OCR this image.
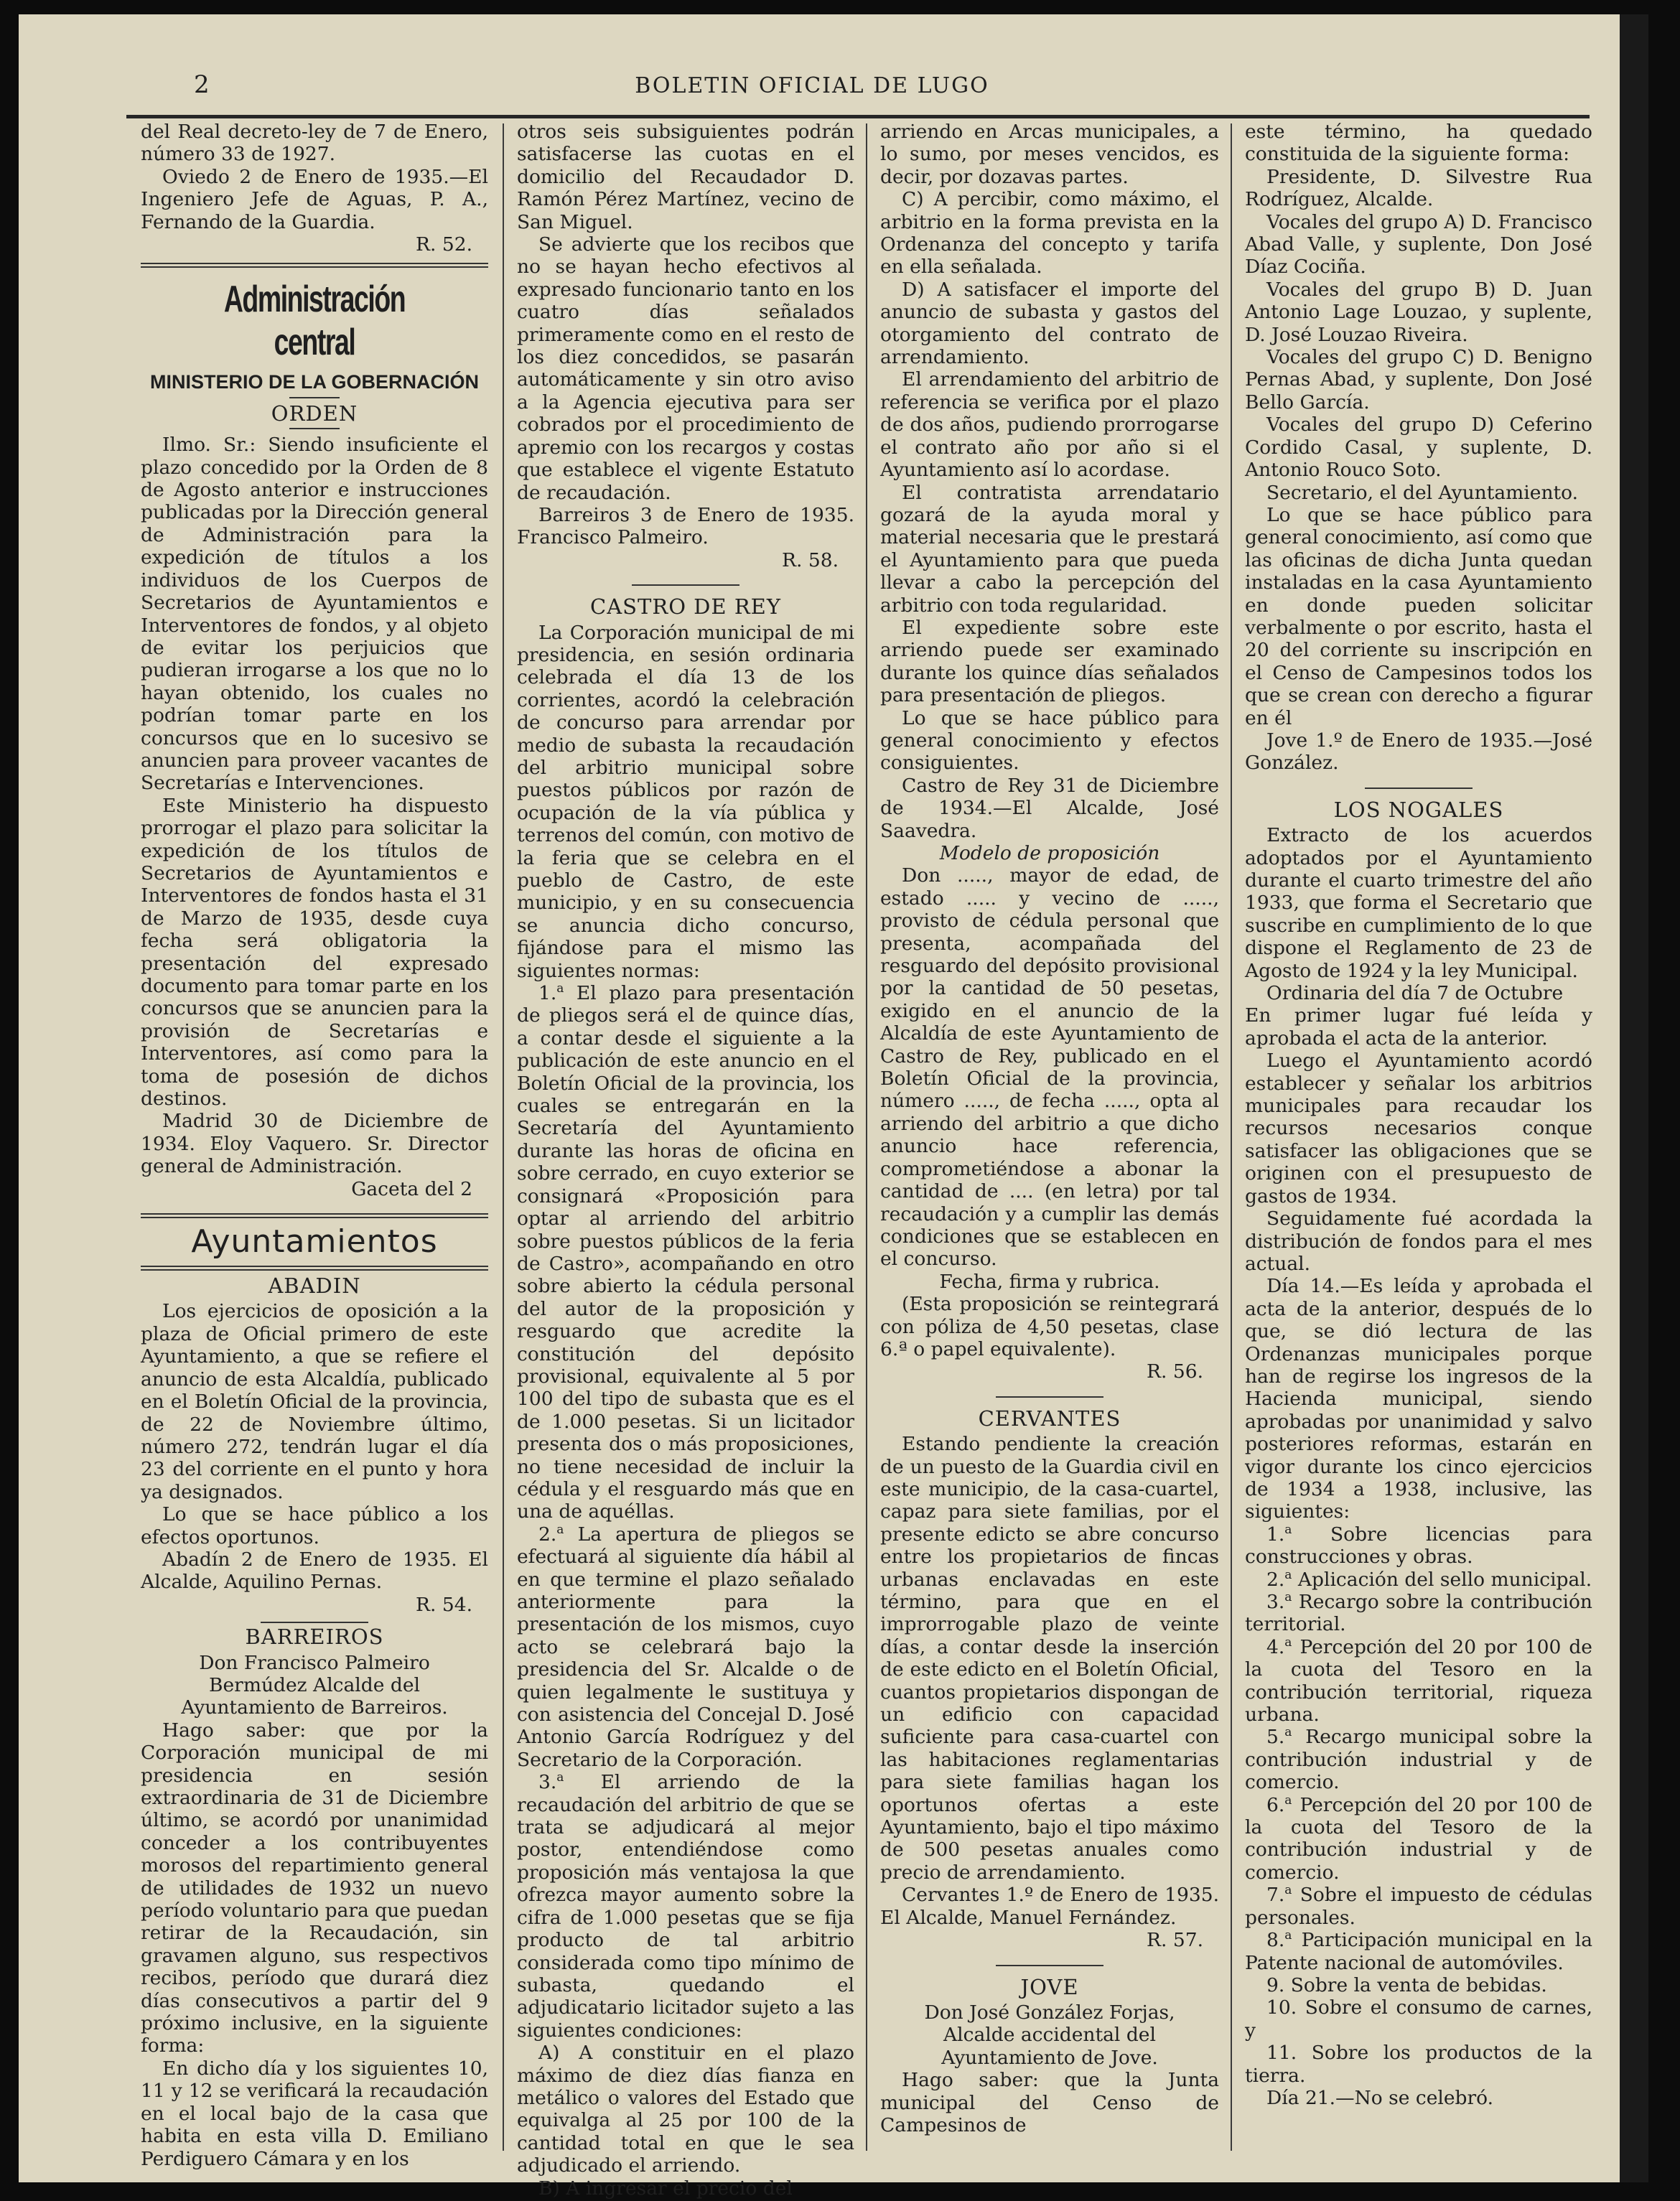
2	BOLETIN OFICIAL DE LUGO

del Real decreto-ley de 7 de Enero, número 33 de 1927.

Oviedo 2 de Enero de 1935.—El Ingeniero Jefe de Aguas, P. A., Fernando de la Guardia.

R. 52.

Administración central
MINISTERIO DE LA GOBERNACIÓN
ORDEN

Ilmo. Sr.: Siendo insuficiente el plazo concedido por la Orden de 8 de Agosto anterior e instrucciones publicadas por la Dirección general de Administración para la expedición de títulos a los individuos de los Cuerpos de Secretarios de Ayuntamientos e Interventores de fondos, y al objeto de evitar los perjuicios que pudieran irrogarse a los que no lo hayan obtenido, los cuales no podrían tomar parte en los concursos que en lo sucesivo se anuncien para proveer vacantes de Secretarías e Intervenciones.

Este Ministerio ha dispuesto prorrogar el plazo para solicitar la expedición de los títulos de Secretarios de Ayuntamientos e Interventores de fondos hasta el 31 de Marzo de 1935, desde cuya fecha será obligatoria la presentación del expresado documento para tomar parte en los concursos que se anuncien para la provisión de Secretarías e Interventores, así como para la toma de posesión de dichos destinos.

Madrid 30 de Diciembre de 1934. Eloy Vaquero. Sr. Director general de Administración.

Gaceta del 2

Ayuntamientos
ABADIN

Los ejercicios de oposición a la plaza de Oficial primero de este Ayuntamiento, a que se refiere el anuncio de esta Alcaldía, publicado en el Boletín Oficial de la provincia, de 22 de Noviembre último, número 272, tendrán lugar el día 23 del corriente en el punto y hora ya designados.

Lo que se hace público a los efectos oportunos.

Abadín 2 de Enero de 1935. El Alcalde, Aquilino Pernas.

R. 54.

BARREIROS

Don Francisco Palmeiro Bermúdez Alcalde del Ayuntamiento de Barreiros.

Hago saber: que por la Corporación municipal de mi presidencia en sesión extraordinaria de 31 de Diciembre último, se acordó por unanimidad conceder a los contribuyentes morosos del repartimiento general de utilidades de 1932 un nuevo período voluntario para que puedan retirar de la Recaudación, sin gravamen alguno, sus respectivos recibos, período que durará diez días consecutivos a partir del 9 próximo inclusive, en la siguiente forma:

En dicho día y los siguientes 10, 11 y 12 se verificará la recaudación en el local bajo de la casa que habita en esta villa D. Emiliano Perdiguero Cámara y en los

otros seis subsiguientes podrán satisfacerse las cuotas en el domicilio del Recaudador D. Ramón Pérez Martínez, vecino de San Miguel.

Se advierte que los recibos que no se hayan hecho efectivos al expresado funcionario tanto en los cuatro días señalados primeramente como en el resto de los diez concedidos, se pasarán automáticamente y sin otro aviso a la Agencia ejecutiva para ser cobrados por el procedimiento de apremio con los recargos y costas que establece el vigente Estatuto de recaudación.

Barreiros 3 de Enero de 1935. Francisco Palmeiro.

R. 58.

CASTRO DE REY

La Corporación municipal de mi presidencia, en sesión ordinaria celebrada el día 13 de los corrientes, acordó la celebración de concurso para arrendar por medio de subasta la recaudación del arbitrio municipal sobre puestos públicos por razón de ocupación de la vía pública y terrenos del común, con motivo de la feria que se celebra en el pueblo de Castro, de este municipio, y en su consecuencia se anuncia dicho concurso, fijándose para el mismo las siguientes normas:

1.$^a$ El plazo para presentación de pliegos será el de quince días, a contar desde el siguiente a la publicación de este anuncio en el Boletín Oficial de la provincia, los cuales se entregarán en la Secretaría del Ayuntamiento durante las horas de oficina en sobre cerrado, en cuyo exterior se consignará «Proposición para optar al arriendo del arbitrio sobre puestos públicos de la feria de Castro», acompañando en otro sobre abierto la cédula personal del autor de la proposición y resguardo que acredite la constitución del depósito provisional, equivalente al 5 por 100 del tipo de subasta que es el de 1.000 pesetas. Si un licitador presenta dos o más proposiciones, no tiene necesidad de incluir la cédula y el resguardo más que en una de aquéllas.

2.$^a$ La apertura de pliegos se efectuará al siguiente día hábil al en que termine el plazo señalado anteriormente para la presentación de los mismos, cuyo acto se celebrará bajo la presidencia del Sr. Alcalde o de quien legalmente le sustituya y con asistencia del Concejal D. José Antonio García Rodríguez y del Secretario de la Corporación.

3.$^a$ El arriendo de la recaudación del arbitrio de que se trata se adjudicará al mejor postor, entendiéndose como proposición más ventajosa la que ofrezca mayor aumento sobre la cifra de 1.000 pesetas que se fija producto de tal arbitrio considerada como tipo mínimo de subasta, quedando el adjudicatario licitador sujeto a las siguientes condiciones:

A) A constituir en el plazo máximo de diez días fianza en metálico o valores del Estado que equivalga al 25 por 100 de la cantidad total en que le sea adjudicado el arriendo.

B) A ingresar el precio del

arriendo en Arcas municipales, a lo sumo, por meses vencidos, es decir, por dozavas partes.

C) A percibir, como máximo, el arbitrio en la forma prevista en la Ordenanza del concepto y tarifa en ella señalada.

D) A satisfacer el importe del anuncio de subasta y gastos del otorgamiento del contrato de arrendamiento.

El arrendamiento del arbitrio de referencia se verifica por el plazo de dos años, pudiendo prorrogarse el contrato año por año si el Ayuntamiento así lo acordase.

El contratista arrendatario gozará de la ayuda moral y material necesaria que le prestará el Ayuntamiento para que pueda llevar a cabo la percepción del arbitrio con toda regularidad.

El expediente sobre este arriendo puede ser examinado durante los quince días señalados para presentación de pliegos.

Lo que se hace público para general conocimiento y efectos consiguientes.

Castro de Rey 31 de Diciembre de 1934.—El Alcalde, José Saavedra.

Modelo de proposición

Don ....., mayor de edad, de estado ..... y vecino de ....., provisto de cédula personal que presenta, acompañada del resguardo del depósito provisional por la cantidad de 50 pesetas, exigido en el anuncio de la Alcaldía de este Ayuntamiento de Castro de Rey, publicado en el Boletín Oficial de la provincia, número ....., de fecha ....., opta al arriendo del arbitrio a que dicho anuncio hace referencia, comprometiéndose a abonar la cantidad de .... (en letra) por tal recaudación y a cumplir las demás condiciones que se establecen en el concurso.

Fecha, firma y rubrica.

(Esta proposición se reintegrará con póliza de 4,50 pesetas, clase 6.ª o papel equivalente).

R. 56.

CERVANTES

Estando pendiente la creación de un puesto de la Guardia civil en este municipio, de la casa-cuartel, capaz para siete familias, por el presente edicto se abre concurso entre los propietarios de fincas urbanas enclavadas en este término, para que en el improrrogable plazo de veinte días, a contar desde la inserción de este edicto en el Boletín Oficial, cuantos propietarios dispongan de un edificio con capacidad suficiente para casa-cuartel con las habitaciones reglamentarias para siete familias hagan los oportunos ofertas a este Ayuntamiento, bajo el tipo máximo de 500 pesetas anuales como precio de arrendamiento.

Cervantes 1.º de Enero de 1935. El Alcalde, Manuel Fernández.

R. 57.

JOVE

Don José González Forjas, Alcalde accidental del Ayuntamiento de Jove.

Hago saber: que la Junta municipal del Censo de Campesinos de

este término, ha quedado constituida de la siguiente forma:

Presidente, D. Silvestre Rua Rodríguez, Alcalde.

Vocales del grupo A) D. Francisco Abad Valle, y suplente, Don José Díaz Cociña.

Vocales del grupo B) D. Juan Antonio Lage Louzao, y suplente, D. José Louzao Riveira.

Vocales del grupo C) D. Benigno Pernas Abad, y suplente, Don José Bello García.

Vocales del grupo D) Ceferino Cordido Casal, y suplente, D. Antonio Rouco Soto.

Secretario, el del Ayuntamiento.

Lo que se hace público para general conocimiento, así como que las oficinas de dicha Junta quedan instaladas en la casa Ayuntamiento en donde pueden solicitar verbalmente o por escrito, hasta el 20 del corriente su inscripción en el Censo de Campesinos todos los que se crean con derecho a figurar en él

Jove 1.º de Enero de 1935.—José González.

LOS NOGALES

Extracto de los acuerdos adoptados por el Ayuntamiento durante el cuarto trimestre del año 1933, que forma el Secretario que suscribe en cumplimiento de lo que dispone el Reglamento de 23 de Agosto de 1924 y la ley Municipal.

Ordinaria del día 7 de Octubre

En primer lugar fué leída y aprobada el acta de la anterior.

Luego el Ayuntamiento acordó establecer y señalar los arbitrios municipales para recaudar los recursos necesarios conque satisfacer las obligaciones que se originen con el presupuesto de gastos de 1934.

Seguidamente fué acordada la distribución de fondos para el mes actual.

Día 14.—Es leída y aprobada el acta de la anterior, después de lo que, se dió lectura de las Ordenanzas municipales porque han de regirse los ingresos de la Hacienda municipal, siendo aprobadas por unanimidad y salvo posteriores reformas, estarán en vigor durante los cinco ejercicios de 1934 a 1938, inclusive, las siguientes:

1.$^a$ Sobre licencias para construcciones y obras.

2.$^a$ Aplicación del sello municipal.

3.$^a$ Recargo sobre la contribución territorial.

4.$^a$ Percepción del 20 por 100 de la cuota del Tesoro en la contribución territorial, riqueza urbana.

5.$^a$ Recargo municipal sobre la contribución industrial y de comercio.

6.$^a$ Percepción del 20 por 100 de la cuota del Tesoro de la contribución industrial y de comercio.

7.$^a$ Sobre el impuesto de cédulas personales.

8.$^a$ Participación municipal en la Patente nacional de automóviles.

9. Sobre la venta de bebidas.

10. Sobre el consumo de carnes, y

11. Sobre los productos de la tierra.

Día 21.—No se celebró.
